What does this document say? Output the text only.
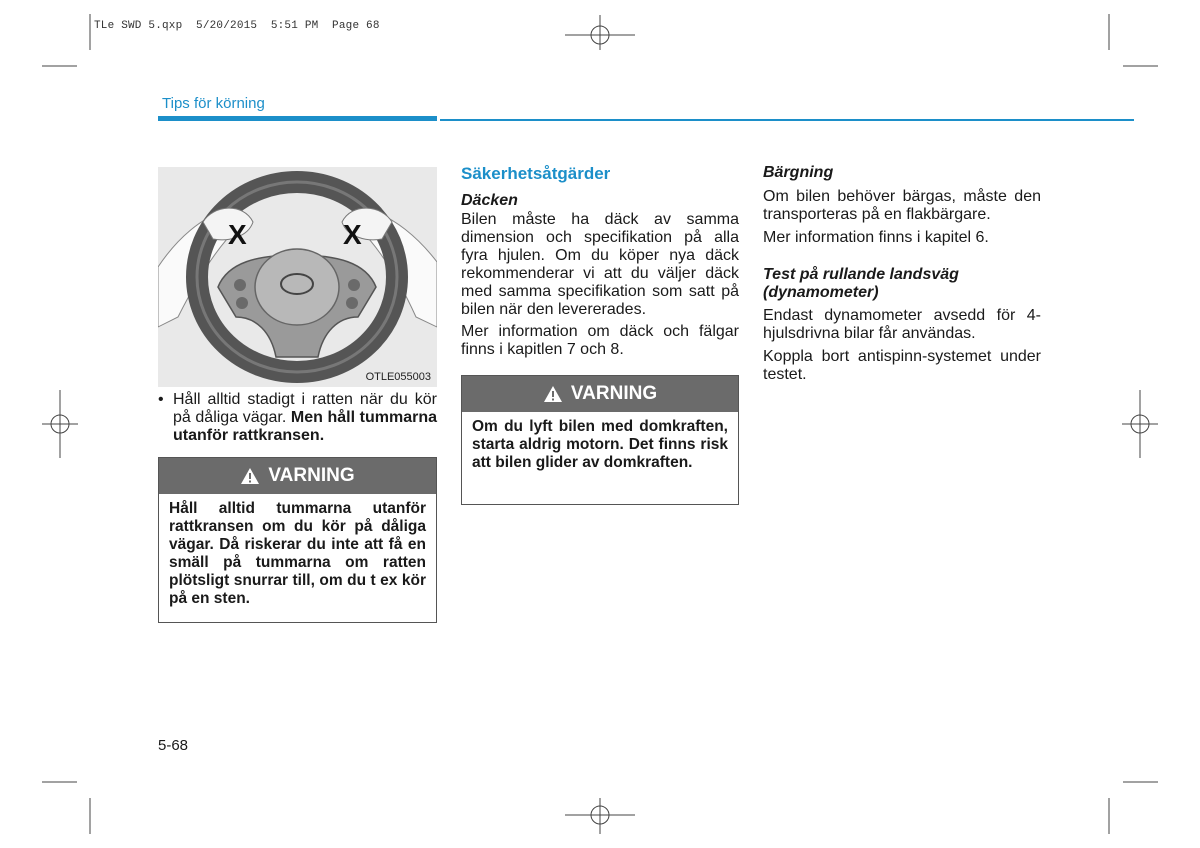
TLe SWD 5.qxp  5/20/2015  5:51 PM  Page 68
Tips för körning
X	X
OTLE055003
• Håll alltid stadigt i ratten när du kör på dåliga vägar. Men håll tummarna utanför rattkransen.

VARNING
Håll alltid tummarna utanför rattkransen om du kör på dåliga vägar. Då riskerar du inte att få en smäll på tummarna om ratten plötsligt snurrar till, om du t ex kör på en sten.
Säkerhetsåtgärder
Däcken

Bilen måste ha däck av samma dimension och specifikation på alla fyra hjulen. Om du köper nya däck rekommenderar vi att du väljer däck med samma specifikation som satt på bilen när den levererades.

Mer information om däck och fälgar finns i kapitlen 7 och 8.

VARNING
Om du lyft bilen med domkraften, starta aldrig motorn. Det finns risk att bilen glider av domkraften.
Bärgning

Om bilen behöver bärgas, måste den transporteras på en flakbärgare.

Mer information finns i kapitel 6.

Test på rullande landsväg (dynamometer)

Endast dynamometer avsedd för 4-hjulsdrivna bilar får användas.

Koppla bort antispinn-systemet under testet.

5-68
